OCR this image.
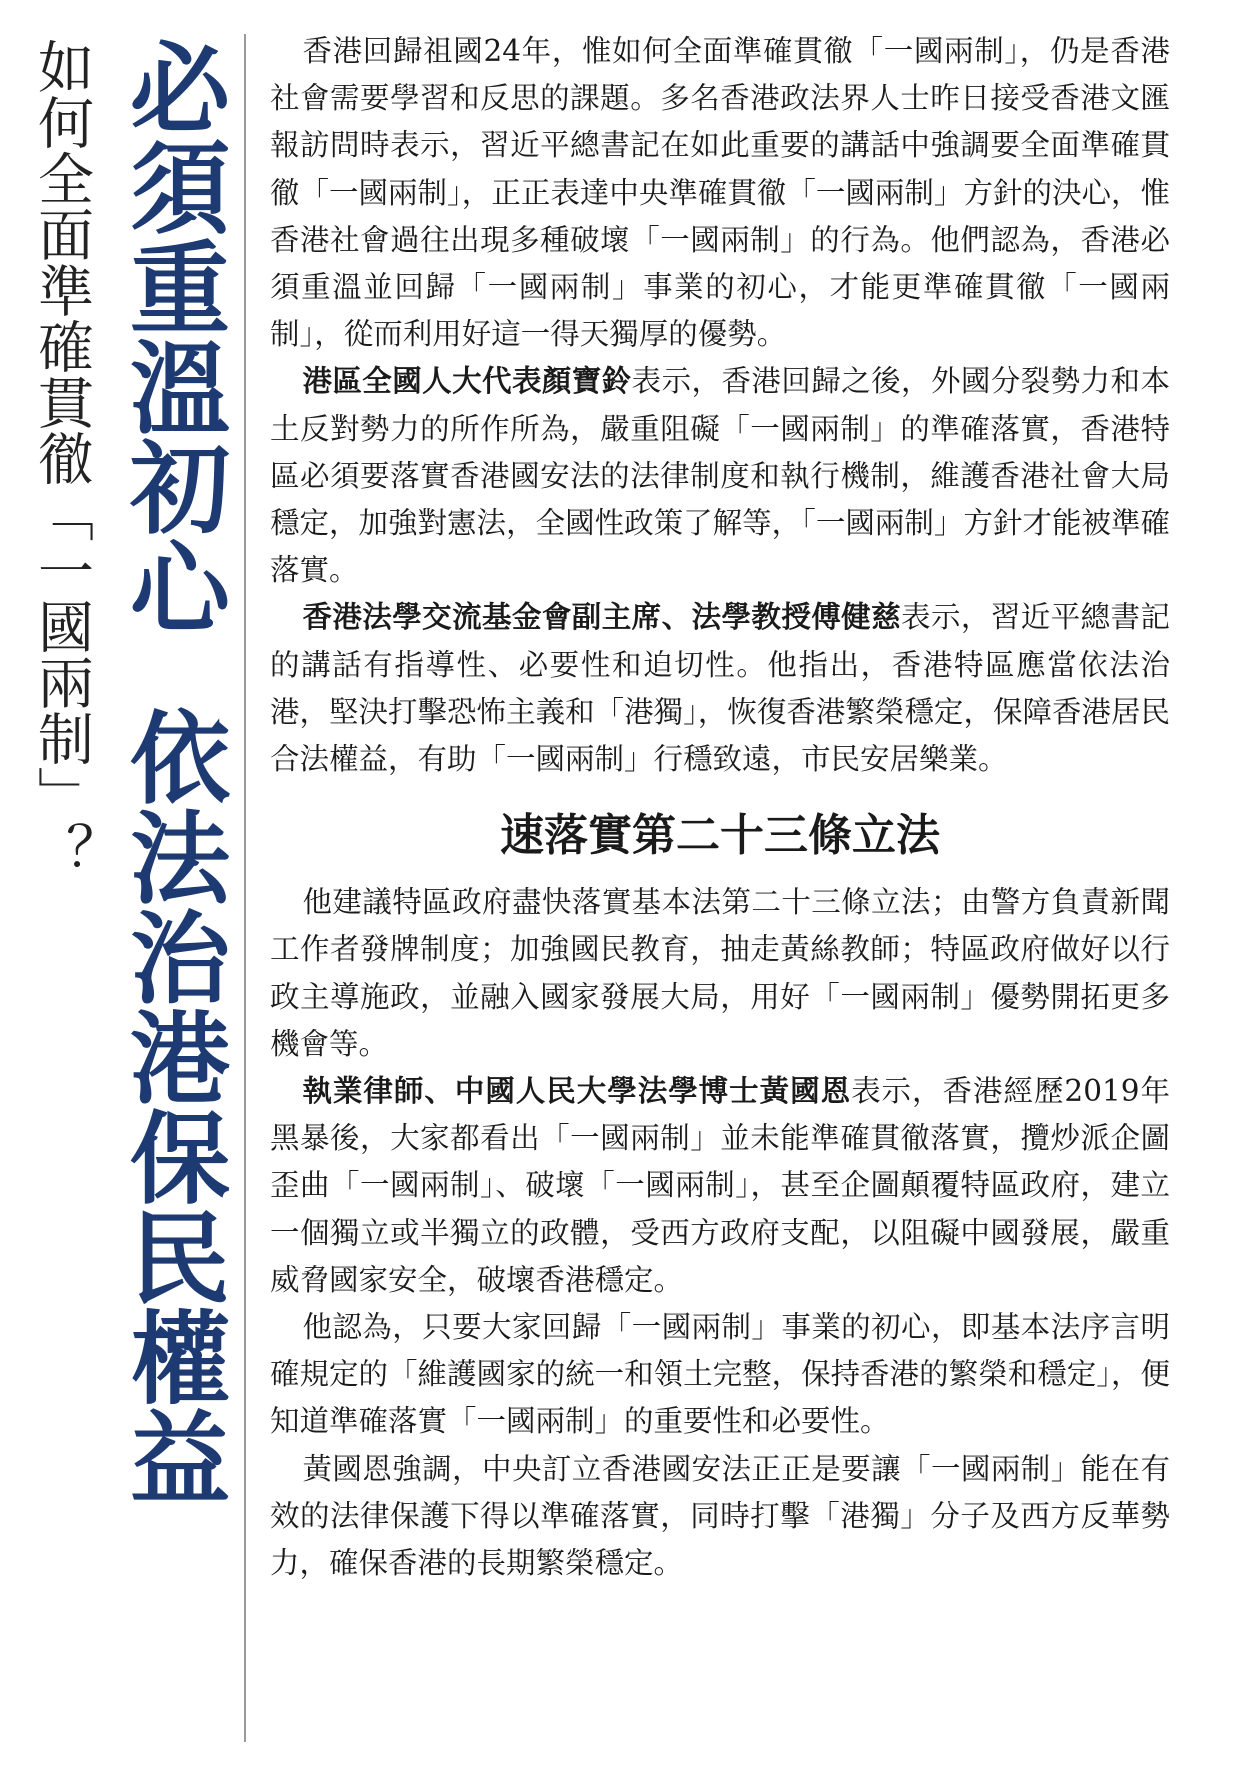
如何全面準確貫徹「一國兩制」？ 必須重溫初心依法治港保民權益

香港回歸祖國24年，惟如何全面準確貫徹「一國兩制」，仍是香港社會需要學習和反思的課題。多名香港政法界人士昨日接受香港文匯報訪問時表示，習近平總書記在如此重要的講話中強調要全面準確貫徹「一國兩制」，正正表達中央準確貫徹「一國兩制」方針的決心，惟香港社會過往出現多種破壞「一國兩制」的行為。他們認為，香港必須重溫並回歸「一國兩制」事業的初心，才能更準確貫徹「一國兩制」，從而利用好這一得天獨厚的優勢。

港區全國人大代表顏寶鈴表示，香港回歸之後，外國分裂勢力和本土反對勢力的所作所為，嚴重阻礙「一國兩制」的準確落實，香港特區必須要落實香港國安法的法律制度和執行機制，維護香港社會大局穩定，加強對憲法，全國性政策了解等，「一國兩制」方針才能被準確落實。

香港法學交流基金會副主席、法學教授傅健慈表示，習近平總書記的講話有指導性、必要性和迫切性。他指出，香港特區應當依法治港，堅決打擊恐怖主義和「港獨」，恢復香港繁榮穩定，保障香港居民合法權益，有助「一國兩制」行穩致遠，市民安居樂業。

速落實第二十三條立法

他建議特區政府盡快落實基本法第二十三條立法；由警方負責新聞工作者發牌制度；加強國民教育，抽走黃絲教師；特區政府做好以行政主導施政，並融入國家發展大局，用好「一國兩制」優勢開拓更多機會等。

執業律師、中國人民大學法學博士黃國恩表示，香港經歷2019年黑暴後，大家都看出「一國兩制」並未能準確貫徹落實，攬炒派企圖歪曲「一國兩制」、破壞「一國兩制」，甚至企圖顛覆特區政府，建立一個獨立或半獨立的政體，受西方政府支配，以阻礙中國發展，嚴重威脅國家安全，破壞香港穩定。

他認為，只要大家回歸「一國兩制」事業的初心，即基本法序言明確規定的「維護國家的統一和領土完整，保持香港的繁榮和穩定」，便知道準確落實「一國兩制」的重要性和必要性。

黃國恩強調，中央訂立香港國安法正正是要讓「一國兩制」能在有效的法律保護下得以準確落實，同時打擊「港獨」分子及西方反華勢力，確保香港的長期繁榮穩定。
